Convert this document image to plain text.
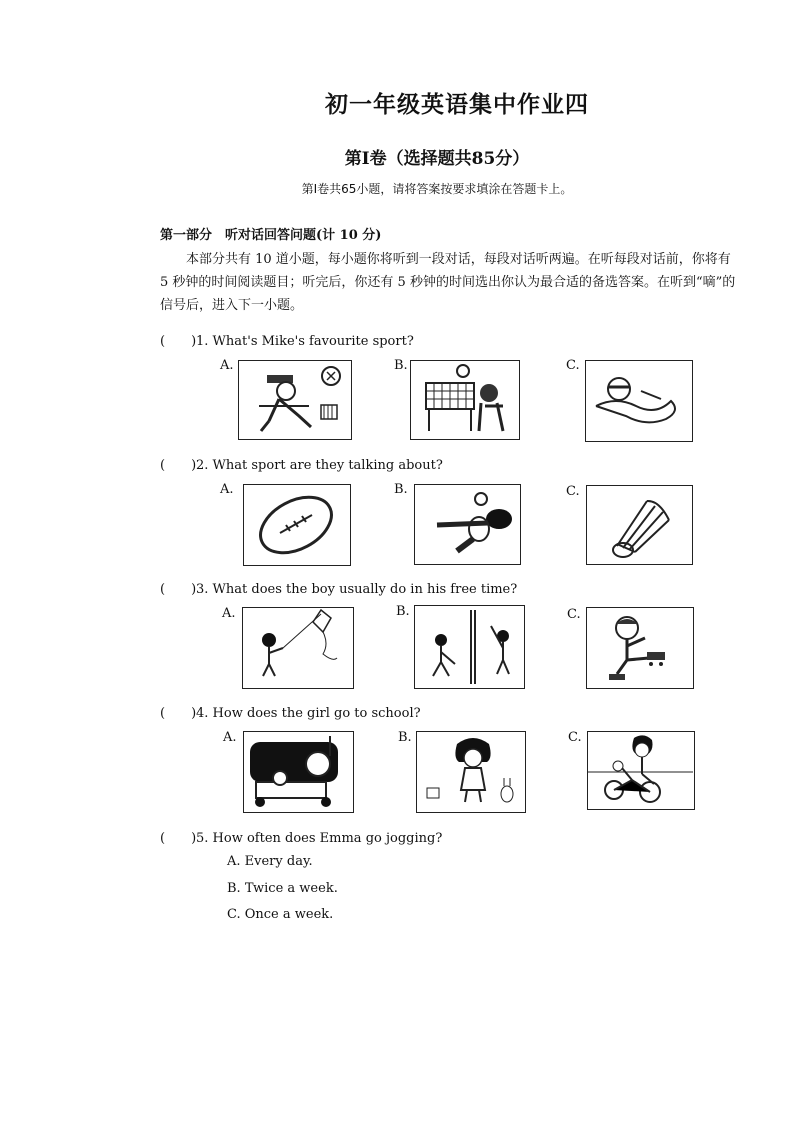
初一年级英语集中作业四
第Ⅰ卷（选择题共85分）
第Ⅰ卷共65小题，请将答案按要求填涂在答题卡上。
第一部分　听对话回答问题(计 10 分)
本部分共有 10 道小题，每小题你将听到一段对话，每段对话听两遍。在听每段对话前，你将有 5 秒钟的时间阅读题目；听完后，你还有 5 秒钟的时间选出你认为最合适的备选答案。在听到“嘀”的信号后，进入下一小题。
(　　)1. What's Mike's favourite sport?
A.	B.	C.
(　　)2. What sport are they talking about?
A.	B.	C.
(　　)3. What does the boy usually do in his free time?
A.	B.	C.
(　　)4. How does the girl go to school?
A.	B.	C.
(　　)5. How often does Emma go jogging?
A. Every day.
B. Twice a week.
C. Once a week.
